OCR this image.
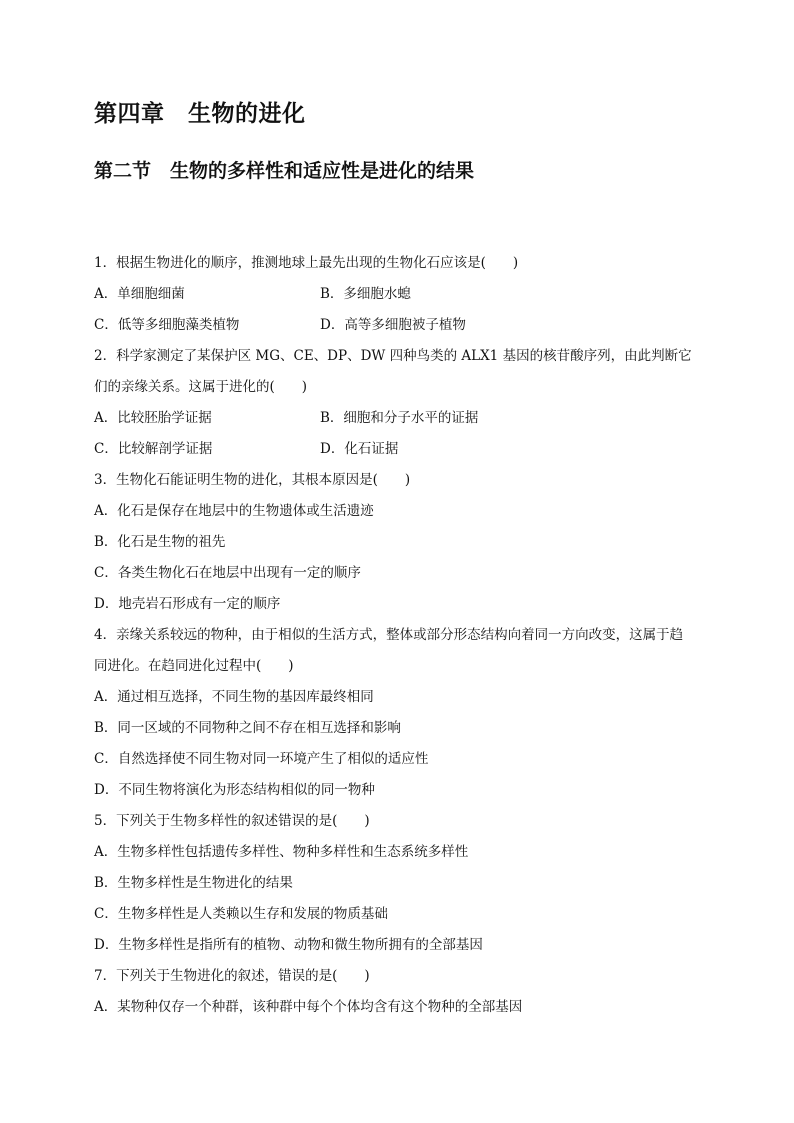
第四章　生物的进化
第二节　生物的多样性和适应性是进化的结果
1．根据生物进化的顺序，推测地球上最先出现的生物化石应该是(　　)
A．单细胞细菌	B．多细胞水螅
C．低等多细胞藻类植物	D．高等多细胞被子植物
2．科学家测定了某保护区 MG、CE、DP、DW 四种鸟类的 ALX1 基因的核苷酸序列，由此判断它
们的亲缘关系。这属于进化的(　　)
A．比较胚胎学证据	B．细胞和分子水平的证据
C．比较解剖学证据	D．化石证据
3．生物化石能证明生物的进化，其根本原因是(　　)
A．化石是保存在地层中的生物遗体或生活遗迹
B．化石是生物的祖先
C．各类生物化石在地层中出现有一定的顺序
D．地壳岩石形成有一定的顺序
4．亲缘关系较远的物种，由于相似的生活方式，整体或部分形态结构向着同一方向改变，这属于趋
同进化。在趋同进化过程中(　　)
A．通过相互选择，不同生物的基因库最终相同
B．同一区域的不同物种之间不存在相互选择和影响
C．自然选择使不同生物对同一环境产生了相似的适应性
D．不同生物将演化为形态结构相似的同一物种
5．下列关于生物多样性的叙述错误的是(　　)
A．生物多样性包括遗传多样性、物种多样性和生态系统多样性
B．生物多样性是生物进化的结果
C．生物多样性是人类赖以生存和发展的物质基础
D．生物多样性是指所有的植物、动物和微生物所拥有的全部基因
7．下列关于生物进化的叙述，错误的是(　　)
A．某物种仅存一个种群，该种群中每个个体均含有这个物种的全部基因
